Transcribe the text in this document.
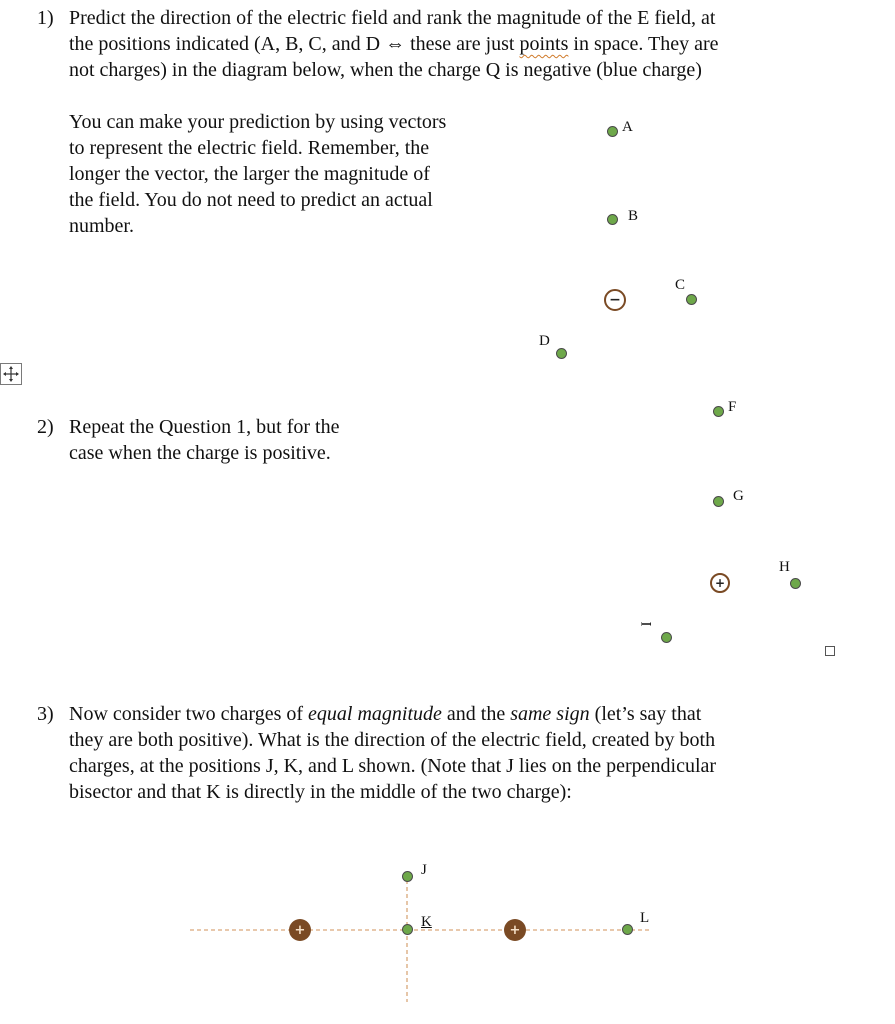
1) Predict the direction of the electric field and rank the magnitude of the E field, at
the positions indicated (A, B, C, and D ⇔ these are just points in space. They are
not charges) in the diagram below, when the charge Q is negative (blue charge)
You can make your prediction by using vectors
to represent the electric field. Remember, the
longer the vector, the larger the magnitude of
the field. You do not need to predict an actual
number.
A
B
−
C
D
2) Repeat the Question 1, but for the
case when the charge is positive.
F
G
+
H
I
3) Now consider two charges of equal magnitude and the same sign (let’s say that
they are both positive). What is the direction of the electric field, created by both
charges, at the positions J, K, and L shown. (Note that J lies on the perpendicular
bisector and that K is directly in the middle of the two charge):
J
K	L
+	+
